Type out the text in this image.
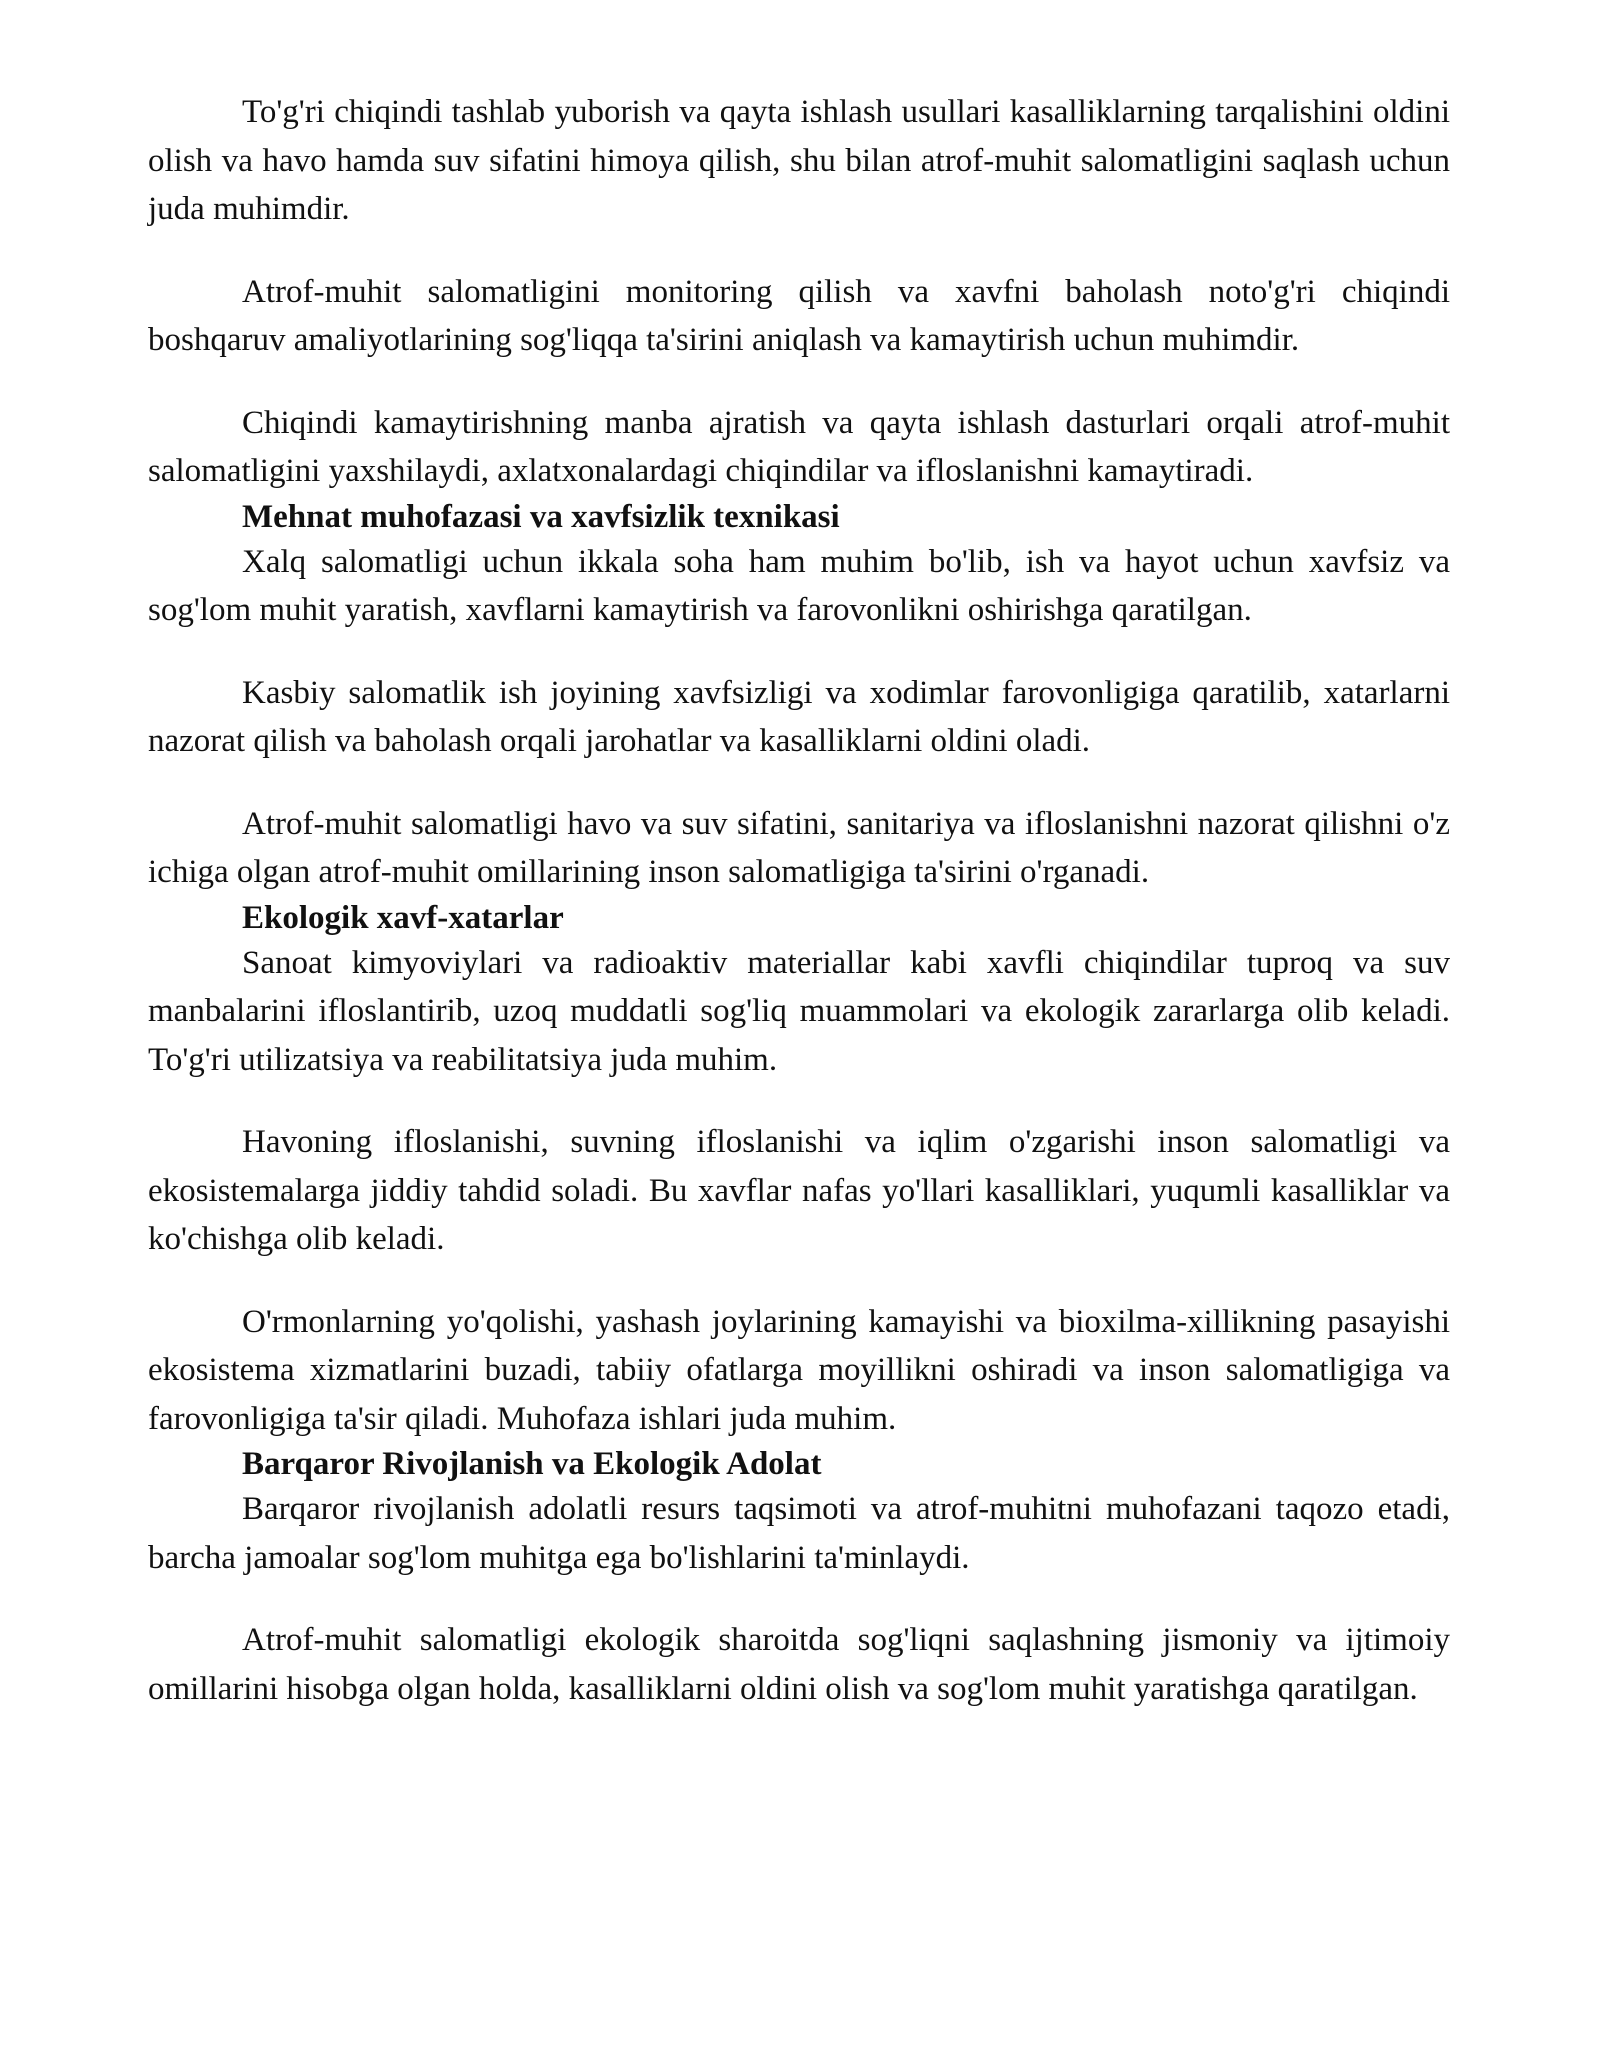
To'g'ri chiqindi tashlab yuborish va qayta ishlash usullari kasalliklarning tarqalishini oldini olish va havo hamda suv sifatini himoya qilish, shu bilan atrof-muhit salomatligini saqlash uchun juda muhimdir.

Atrof-muhit salomatligini monitoring qilish va xavfni baholash noto'g'ri chiqindi boshqaruv amaliyotlarining sog'liqqa ta'sirini aniqlash va kamaytirish uchun muhimdir.

Chiqindi kamaytirishning manba ajratish va qayta ishlash dasturlari orqali atrof-muhit salomatligini yaxshilaydi, axlatxonalardagi chiqindilar va ifloslanishni kamaytiradi.

Mehnat muhofazasi va xavfsizlik texnikasi

Xalq salomatligi uchun ikkala soha ham muhim bo'lib, ish va hayot uchun xavfsiz va sog'lom muhit yaratish, xavflarni kamaytirish va farovonlikni oshirishga qaratilgan.

Kasbiy salomatlik ish joyining xavfsizligi va xodimlar farovonligiga qaratilib, xatarlarni nazorat qilish va baholash orqali jarohatlar va kasalliklarni oldini oladi.

Atrof-muhit salomatligi havo va suv sifatini, sanitariya va ifloslanishni nazorat qilishni o'z ichiga olgan atrof-muhit omillarining inson salomatligiga ta'sirini o'rganadi.

Ekologik xavf-xatarlar

Sanoat kimyoviylari va radioaktiv materiallar kabi xavfli chiqindilar tuproq va suv manbalarini ifloslantirib, uzoq muddatli sog'liq muammolari va ekologik zararlarga olib keladi. To'g'ri utilizatsiya va reabilitatsiya juda muhim.

Havoning ifloslanishi, suvning ifloslanishi va iqlim o'zgarishi inson salomatligi va ekosistemalarga jiddiy tahdid soladi. Bu xavflar nafas yo'llari kasalliklari, yuqumli kasalliklar va ko'chishga olib keladi.

O'rmonlarning yo'qolishi, yashash joylarining kamayishi va bioxilma-xillikning pasayishi ekosistema xizmatlarini buzadi, tabiiy ofatlarga moyillikni oshiradi va inson salomatligiga va farovonligiga ta'sir qiladi. Muhofaza ishlari juda muhim.

Barqaror Rivojlanish va Ekologik Adolat

Barqaror rivojlanish adolatli resurs taqsimoti va atrof-muhitni muhofazani taqozo etadi, barcha jamoalar sog'lom muhitga ega bo'lishlarini ta'minlaydi.

Atrof-muhit salomatligi ekologik sharoitda sog'liqni saqlashning jismoniy va ijtimoiy omillarini hisobga olgan holda, kasalliklarni oldini olish va sog'lom muhit yaratishga qaratilgan.
